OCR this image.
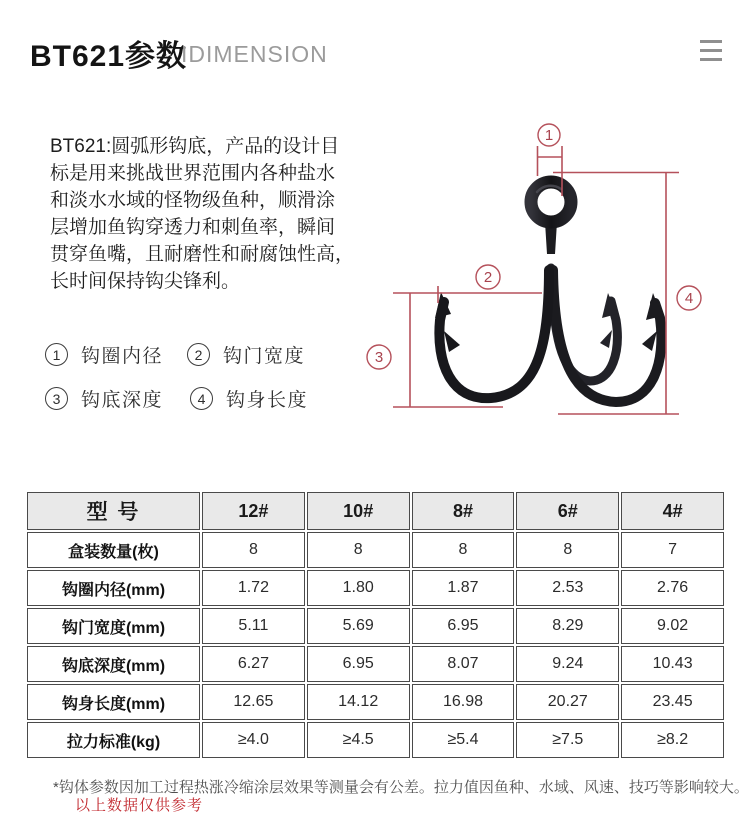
BT621参数
IDIMENSION
BT621:圆弧形钩底，产品的设计目
标是用来挑战世界范围内各种盐水
和淡水水域的怪物级鱼种，顺滑涂
层增加鱼钩穿透力和刺鱼率，瞬间
贯穿鱼嘴，且耐磨性和耐腐蚀性高，
长时间保持钩尖锋利。
1	钩圈内径	2	钩门宽度
3	钩底深度	4	钩身长度
1
2
3
4
型 号	12#	10#	8#	6#	4#
盒装数量(枚)	8	8	8	8	7
钩圈内径(mm)	1.72	1.80	1.87	2.53	2.76
钩门宽度(mm)	5.11	5.69	6.95	8.29	9.02
钩底深度(mm)	6.27	6.95	8.07	9.24	10.43
钩身长度(mm)	12.65	14.12	16.98	20.27	23.45
拉力标准(kg)	≥4.0	≥4.5	≥5.4	≥7.5	≥8.2
*钩体参数因加工过程热涨冷缩涂层效果等测量会有公差。拉力值因鱼种、水域、风速、技巧等影响较大。
以上数据仅供参考
